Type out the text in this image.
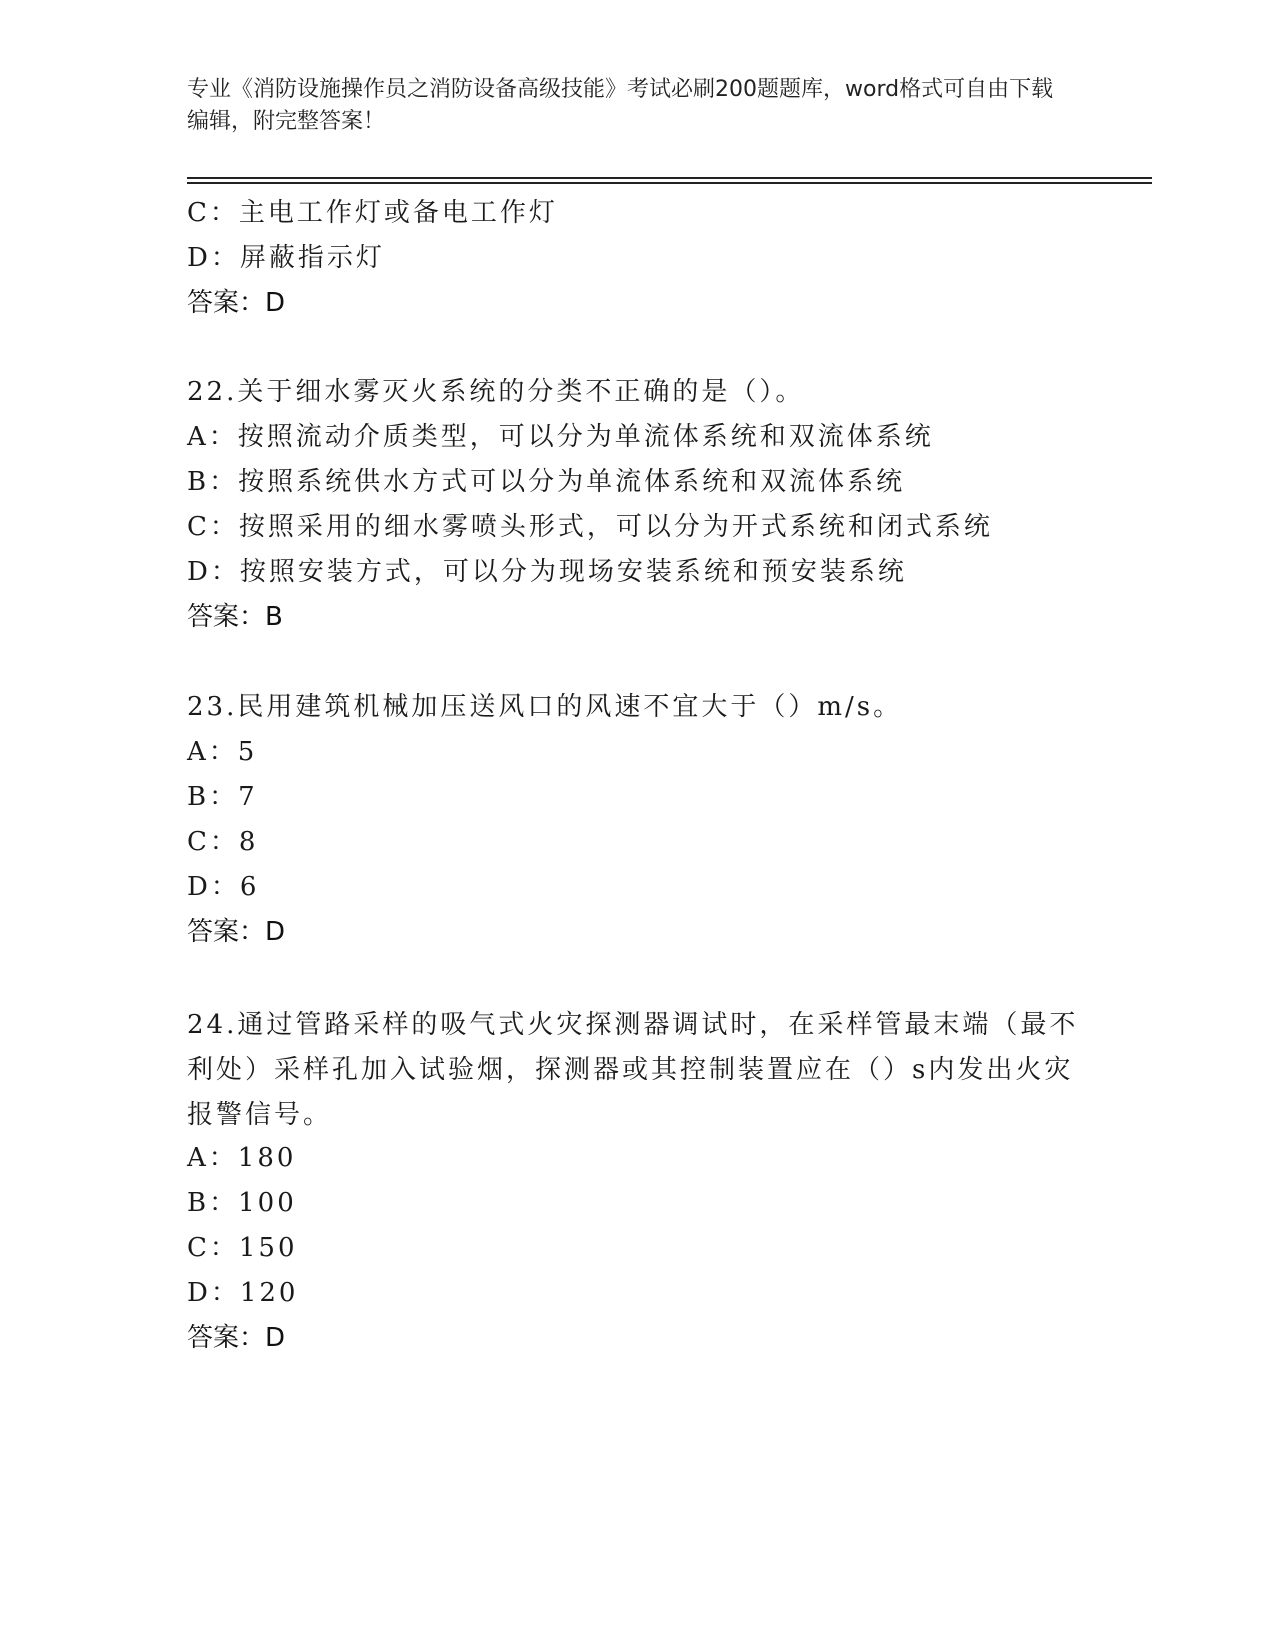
专业《消防设施操作员之消防设备高级技能》考试必刷200题题库，word格式可自由下载编辑，附完整答案！
C：主电工作灯或备电工作灯
D：屏蔽指示灯
答案：D
22.关于细水雾灭火系统的分类不正确的是（）。
A：按照流动介质类型，可以分为单流体系统和双流体系统
B：按照系统供水方式可以分为单流体系统和双流体系统
C：按照采用的细水雾喷头形式，可以分为开式系统和闭式系统
D：按照安装方式，可以分为现场安装系统和预安装系统
答案：B
23.民用建筑机械加压送风口的风速不宜大于（）m/s。
A：5
B：7
C：8
D：6
答案：D
24.通过管路采样的吸气式火灾探测器调试时，在采样管最末端（最不利处）采样孔加入试验烟，探测器或其控制装置应在（）s内发出火灾报警信号。
A：180
B：100
C：150
D：120
答案：D
